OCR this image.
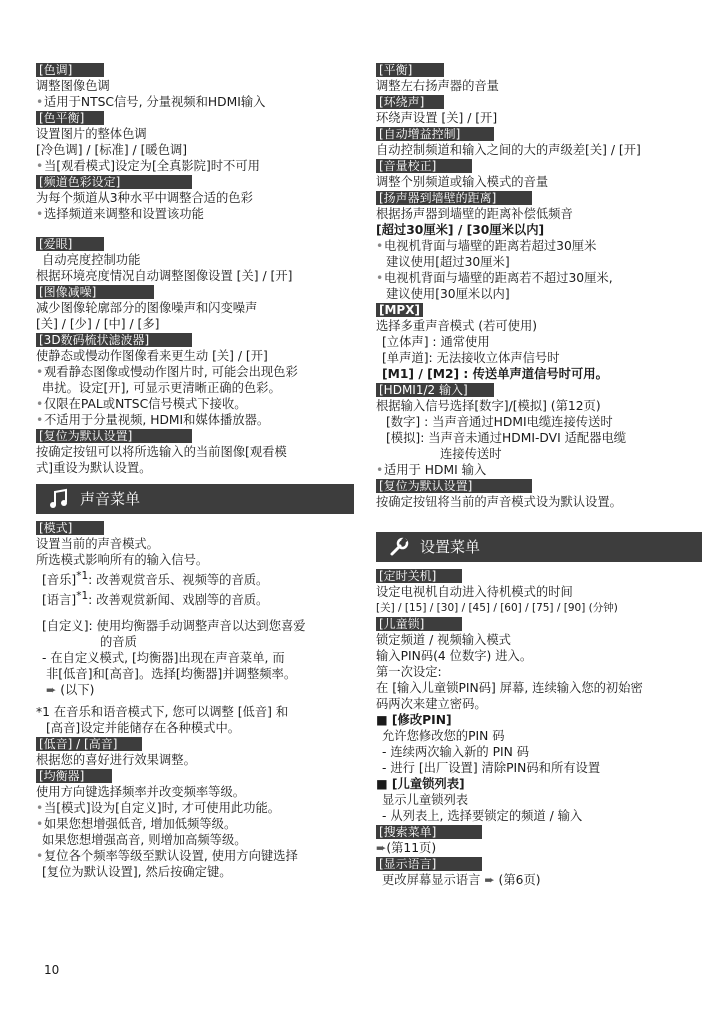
[色调]
调整图像色调
• 适用于NTSC信号, 分量视频和HDMI输入
[色平衡]
设置图片的整体色调
[冷色调] / [标准] / [暖色调]
• 当[观看模式]设定为[全真影院]时不可用
[频道色彩设定]
为每个频道从3种水平中调整合适的色彩
• 选择频道来调整和设置该功能
[爱眼]
自动亮度控制功能
根据环境亮度情况自动调整图像设置 [关] / [开]
[图像减噪]
减少图像轮廓部分的图像噪声和闪变噪声
[关] / [少] / [中] / [多]
[3D数码梳状滤波器]
使静态或慢动作图像看来更生动 [关] / [开]
• 观看静态图像或慢动作图片时, 可能会出现色彩
串扰。设定[开], 可显示更清晰正确的色彩。
• 仅限在PAL或NTSC信号模式下接收。
• 不适用于分量视频, HDMI和媒体播放器。
[复位为默认设置]
按确定按钮可以将所选输入的当前图像[观看模
式]重设为默认设置。
声音菜单
[模式]
设置当前的声音模式。
所选模式影响所有的输入信号。
[音乐]$^{*1}$: 改善观赏音乐、视频等的音质。
[语言]$^{*1}$: 改善观赏新闻、戏剧等的音质。
[自定义]: 使用均衡器手动调整声音以达到您喜爱
的音质
- 在自定义模式, [均衡器]出现在声音菜单, 而
非[低音]和[高音]。选择[均衡器]并调整频率。
➨ (以下)
*1 在音乐和语音模式下, 您可以调整 [低音] 和
[高音]设定并能储存在各种模式中。
[低音] / [高音]
根据您的喜好进行效果调整。
[均衡器]
使用方向键选择频率并改变频率等级。
• 当[模式]设为[自定义]时, 才可使用此功能。
• 如果您想增强低音, 增加低频等级。
如果您想增强高音, 则增加高频等级。
• 复位各个频率等级至默认设置, 使用方向键选择
[复位为默认设置], 然后按确定键。
[平衡]
调整左右扬声器的音量
[环绕声]
环绕声设置 [关] / [开]
[自动增益控制]
自动控制频道和输入之间的大的声级差[关] / [开]
[音量校正]
调整个别频道或输入模式的音量
[扬声器到墙壁的距离]
根据扬声器到墙壁的距离补偿低频音
[超过30厘米] / [30厘米以内]
• 电视机背面与墙壁的距离若超过30厘米
建议使用[超过30厘米]
• 电视机背面与墙壁的距离若不超过30厘米,
建议使用[30厘米以内]
[MPX]
选择多重声音模式 (若可使用)
[立体声] : 通常使用
[单声道]: 无法接收立体声信号时
[M1] / [M2] : 传送单声道信号时可用。
[HDMI1/2 输入]
根据输入信号选择[数字]/[模拟] (第12页)
[数字] : 当声音通过HDMI电缆连接传送时
[模拟]: 当声音未通过HDMI-DVI 适配器电缆
连接传送时
• 适用于 HDMI 输入
[复位为默认设置]
按确定按钮将当前的声音模式设为默认设置。
设置菜单
[定时关机]
设定电视机自动进入待机模式的时间
[关] / [15] / [30] / [45] / [60] / [75] / [90] (分钟)
[儿童锁]
锁定频道 / 视频输入模式
输入PIN码(4 位数字) 进入。
第一次设定:
在 [输入儿童锁PIN码] 屏幕, 连续输入您的初始密
码两次来建立密码。
■ [修改PIN]
允许您修改您的PIN 码
- 连续两次输入新的 PIN 码
- 进行 [出厂设置] 清除PIN码和所有设置
■ [儿童锁列表]
显示儿童锁列表
- 从列表上, 选择要锁定的频道 / 输入
[搜索菜单]
➨(第11页)
[显示语言]
更改屏幕显示语言 ➨ (第6页)
10
